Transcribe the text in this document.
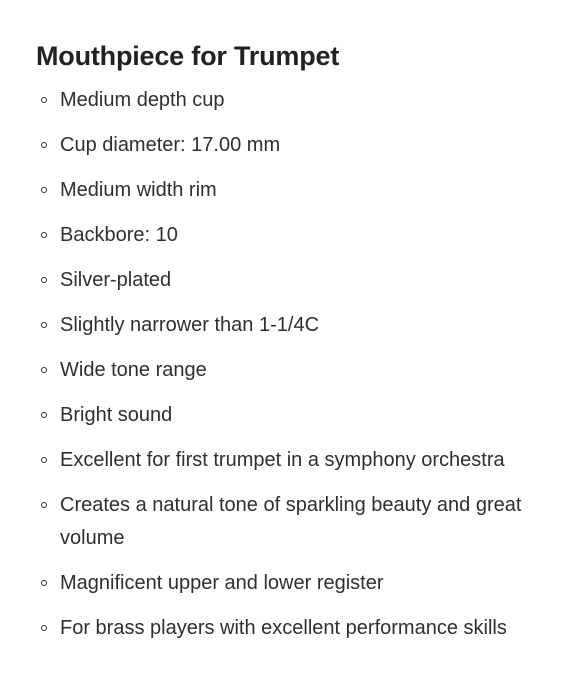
Mouthpiece for Trumpet
Medium depth cup
Cup diameter: 17.00 mm
Medium width rim
Backbore: 10
Silver-plated
Slightly narrower than 1-1/4C
Wide tone range
Bright sound
Excellent for first trumpet in a symphony orchestra
Creates a natural tone of sparkling beauty and great volume
Magnificent upper and lower register
For brass players with excellent performance skills
